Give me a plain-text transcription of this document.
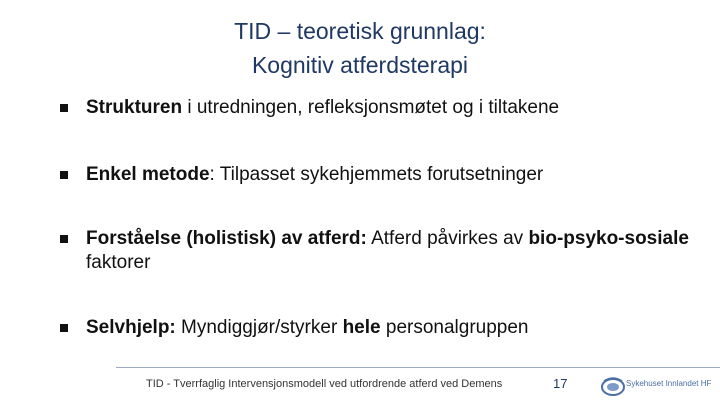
TID – teoretisk grunnlag:
Kognitiv atferdsterapi
Strukturen i utredningen, refleksjonsmøtet og i tiltakene
Enkel metode: Tilpasset sykehjemmets forutsetninger
Forståelse (holistisk) av atferd: Atferd påvirkes av bio-psyko-sosiale faktorer
Selvhjelp: Myndiggjør/styrker hele personalgruppen
TID - Tverrfaglig Intervensjonsmodell ved utfordrende atferd ved Demens	17	Sykehuset Innlandet HF
